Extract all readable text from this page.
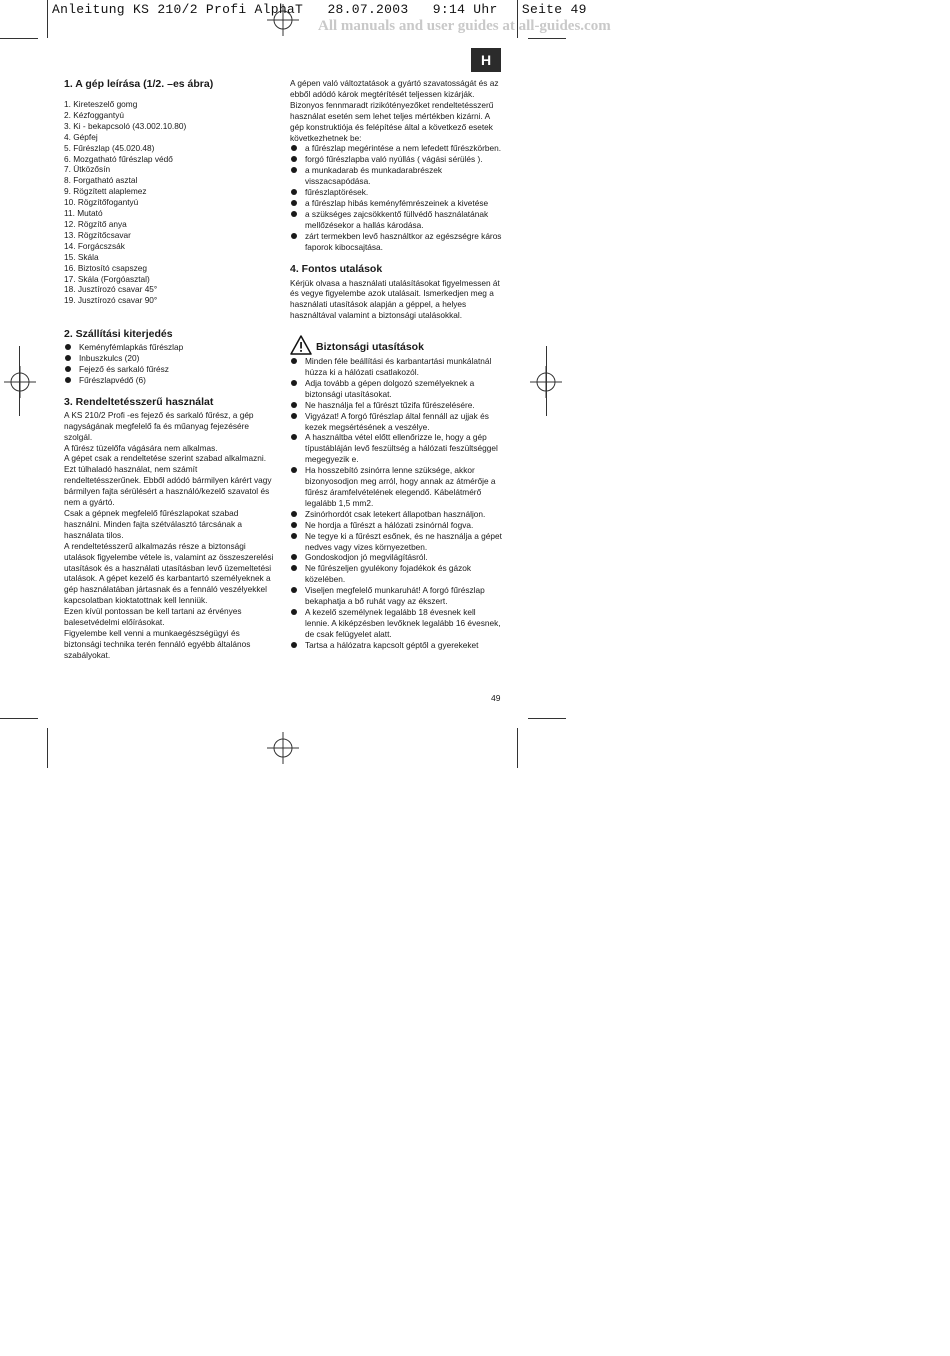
Anleitung KS 210/2 Profi AlphaT   28.07.2003   9:14 Uhr   Seite 49
All manuals and user guides at all-guides.com
H
1. A gép leírása (1/2. –es ábra)
1. Kireteszelő gomg
2. Kézfoggantyú
3. Ki - bekapcsoló (43.002.10.80)
4. Gépfej
5. Fűrészlap (45.020.48)
6. Mozgatható fűrészlap védő
7. Ütközősín
8. Forgatható asztal
9. Rögzített alaplemez
10. Rögzítőfogantyú
11. Mutató
12. Rögzítő anya
13. Rögzítőcsavar
14. Forgácszsák
15. Skála
16. Biztosító csapszeg
17. Skála (Forgóasztal)
18. Jusztírozó csavar 45°
19. Jusztírozó csavar 90°
2. Szállítási kiterjedés
Keményfémlapkás fűrészlap
Inbuszkulcs (20)
Fejező és sarkaló fűrész
Fűrészlapvédő (6)
3. Rendeltetésszerű használat

A KS 210/2 Profi -es fejező és sarkaló fűrész, a gép nagyságának megfelelő fa és műanyag fejezésére szolgál.

A fűrész tüzelőfa vágására nem alkalmas.

A gépet csak a rendeltetése szerint szabad alkalmazni.

Ezt túlhaladó használat, nem számít rendeltetésszerűnek. Ebből adódó bármilyen kárért vagy bármilyen fajta sérülésért a használó/kezelő szavatol és nem a gyártó.

Csak a gépnek megfelelő fűrészlapokat szabad használni. Minden fajta szétválasztó tárcsának a használata tilos.

A rendeltetésszerű alkalmazás része a biztonsági utalások figyelembe vétele is, valamint az összeszerelési utasítások és a használati utasításban levő üzemeltetési utalások. A gépet kezelő és karbantartó személyeknek a gép használatában jártasnak és a fennáló veszélyekkel kapcsolatban kioktatottnak kell lenniük.

Ezen kívül pontossan be kell tartani az érvényes balesetvédelmi előírásokat.

Figyelembe kell venni a munkaegészségügyi és biztonsági technika terén fennáló egyébb általános szabályokat.

A gépen való változtatások a gyártó szavatosságát és az ebből adódó károk megtérítését teljessen kizárják.

Bizonyos fennmaradt rizikótényezőket rendeltetésszerű használat esetén sem lehet teljes mértékben kizárni. A gép konstruktiója és felépítése által a következő esetek következhetnek be:

a fűrészlap megérintése a nem lefedett fűrészkörben.
forgó fűrészlapba való nyúllás ( vágási sérülés ).
a munkadarab és munkadarabrészek visszacsapódása.
fűrészlaptörések.
a fűrészlap hibás keményfémrészeinek a kivetése
a szükséges zajcsökkentő füllvédő használatának mellőzésekor a hallás károdása.
zárt termekben levő használtkor az egészségre káros faporok kibocsajtása.
4. Fontos utalások

Kérjük olvasa a használati utalásításokat figyelmessen át és vegye figyelembe azok utalásait. Ismerkedjen meg a használati utasítások alapján a géppel, a helyes használtával valamint a biztonsági utalásokkal.

Biztonsági utasítások
Minden féle beállítási és karbantartási munkálatnál húzza ki a hálózati csatlakozól.
Adja tovább a gépen dolgozó személyeknek a biztonsági utasításokat.
Ne használja fel a fűrészt tűzifa fűrészelésére.
Vigyázat! A forgó fűrészlap által fennáll az ujjak és kezek megsértésének a veszélye.
A használtba vétel előtt ellenőrizze le, hogy a gép típustábláján levő feszültség a hálózati feszültséggel megegyezik e.
Ha hosszebító zsinórra lenne szüksége, akkor bizonyosodjon meg arról, hogy annak az átmérője a fűrész áramfelvételének elegendő. Kábelátmérő legalább 1,5 mm2.
Zsinórhordót csak letekert állapotban használjon.
Ne hordja a fűrészt a hálózati zsinórnál fogva.
Ne tegye ki a fűrészt esőnek, és ne használja a gépet nedves vagy vizes környezetben.
Gondoskodjon jó megvilágításról.
Ne fűrészeljen gyulékony fojadékok és gázok közelében.
Viseljen megfelelő munkaruhát! A forgó fűrészlap bekaphatja a bő ruhát vagy az ékszert.
A kezelő személynek legalább 18 évesnek kell lennie. A kiképzésben levőknek legalább 16 évesnek, de csak felügyelet alatt.
Tartsa a hálózatra kapcsolt géptől a gyerekeket
49
